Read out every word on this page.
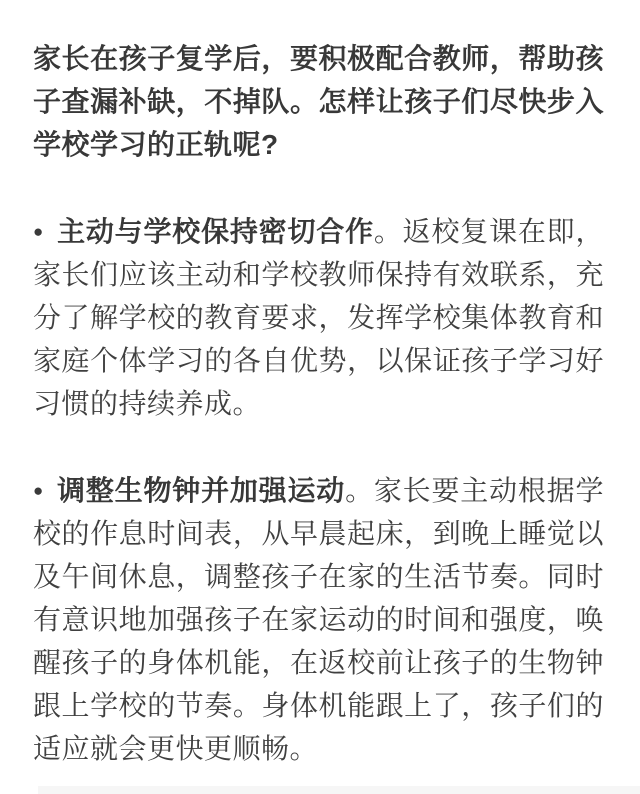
家长在孩子复学后，要积极配合教师，帮助孩子查漏补缺，不掉队。怎样让孩子们尽快步入学校学习的正轨呢?

● 主动与学校保持密切合作。返校复课在即，家长们应该主动和学校教师保持有效联系，充分了解学校的教育要求，发挥学校集体教育和家庭个体学习的各自优势，以保证孩子学习好习惯的持续养成。

● 调整生物钟并加强运动。家长要主动根据学校的作息时间表，从早晨起床，到晚上睡觉以及午间休息，调整孩子在家的生活节奏。同时有意识地加强孩子在家运动的时间和强度，唤醒孩子的身体机能，在返校前让孩子的生物钟跟上学校的节奏。身体机能跟上了，孩子们的适应就会更快更顺畅。
